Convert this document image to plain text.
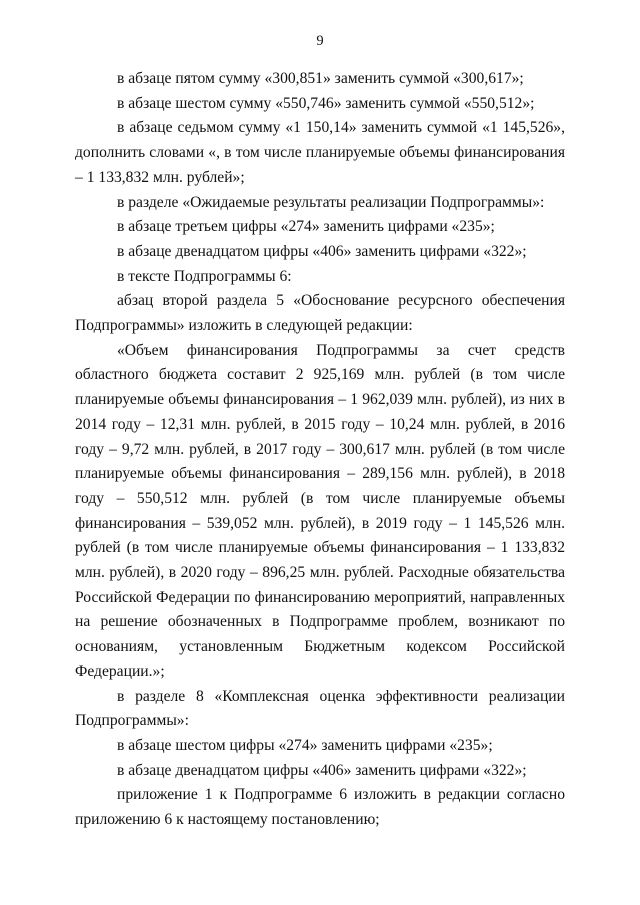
9

в абзаце пятом сумму «300,851» заменить суммой «300,617»;

в абзаце шестом сумму «550,746» заменить суммой «550,512»;

в абзаце седьмом сумму «1 150,14» заменить суммой «1 145,526», дополнить словами «, в том числе планируемые объемы финансирования – 1 133,832 млн. рублей»;

в разделе «Ожидаемые результаты реализации Подпрограммы»:

в абзаце третьем цифры «274» заменить цифрами «235»;

в абзаце двенадцатом цифры «406» заменить цифрами «322»;

в тексте Подпрограммы 6:

абзац второй раздела 5 «Обоснование ресурсного обеспечения Подпрограммы» изложить в следующей редакции:

«Объем финансирования Подпрограммы за счет средств областного бюджета составит 2 925,169 млн. рублей (в том числе планируемые объемы финансирования – 1 962,039 млн. рублей), из них в 2014 году – 12,31 млн. рублей, в 2015 году – 10,24 млн. рублей, в 2016 году – 9,72 млн. рублей, в 2017 году – 300,617 млн. рублей (в том числе планируемые объемы финансирования – 289,156 млн. рублей), в 2018 году – 550,512 млн. рублей (в том числе планируемые объемы финансирования – 539,052 млн. рублей), в 2019 году – 1 145,526 млн. рублей (в том числе планируемые объемы финансирования – 1 133,832 млн. рублей), в 2020 году – 896,25 млн. рублей. Расходные обязательства Российской Федерации по финансированию мероприятий, направленных на решение обозначенных в Подпрограмме проблем, возникают по основаниям, установленным Бюджетным кодексом Российской Федерации.»;

в разделе 8 «Комплексная оценка эффективности реализации Подпрограммы»:

в абзаце шестом цифры «274» заменить цифрами «235»;

в абзаце двенадцатом цифры «406» заменить цифрами «322»;

приложение 1 к Подпрограмме 6 изложить в редакции согласно приложению 6 к настоящему постановлению;
